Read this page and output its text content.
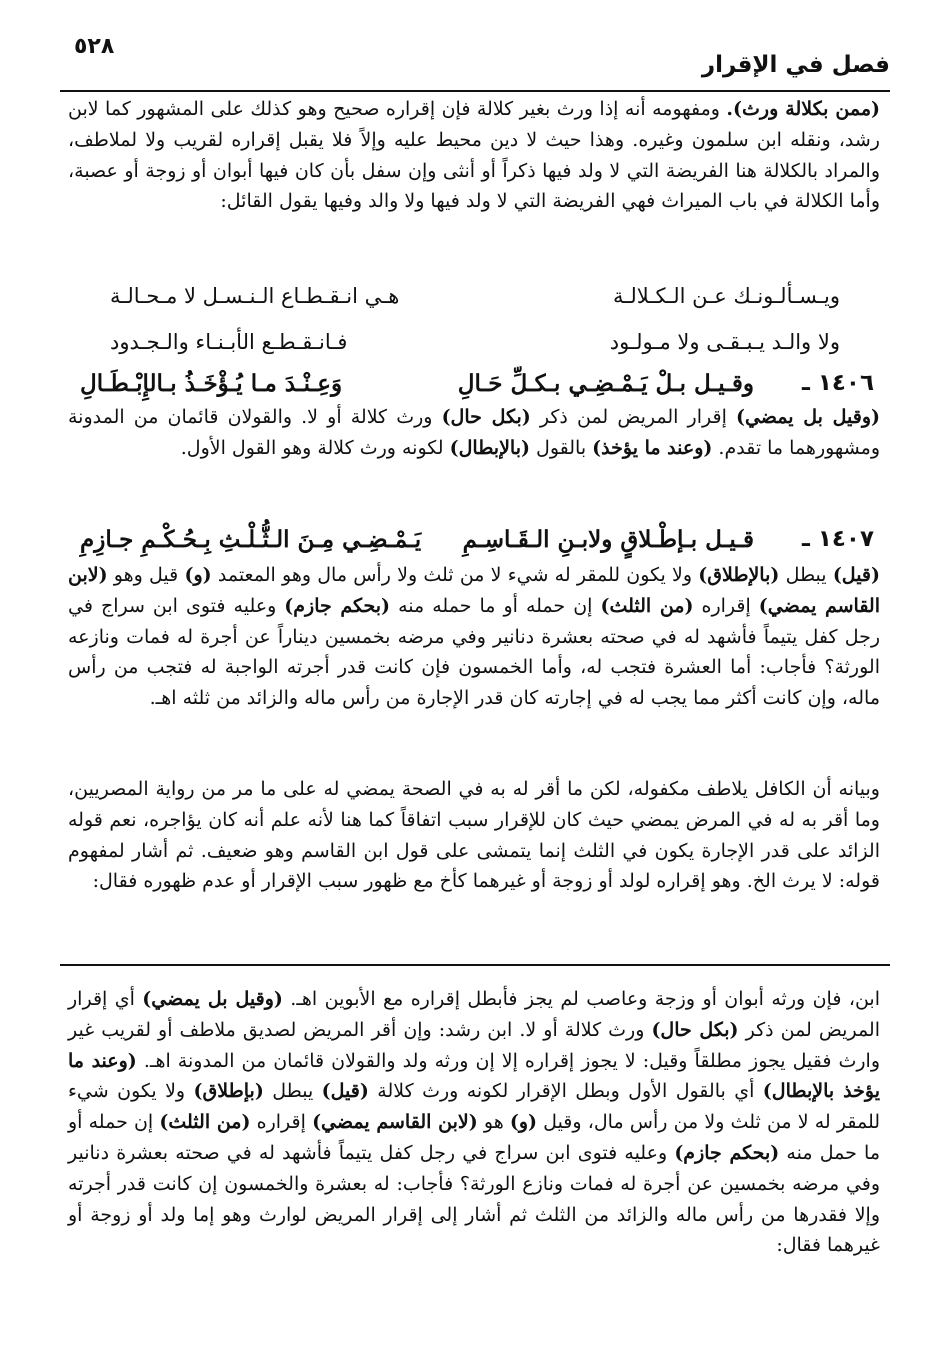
٥٢٨
فصل في الإقرار

(ممن بكلالة ورث). ومفهومه أنه إذا ورث بغير كلالة فإن إقراره صحيح وهو كذلك على المشهور كما لابن رشد، ونقله ابن سلمون وغيره. وهذا حيث لا دين محيط عليه وإلاً فلا يقبل إقراره لقريب ولا لملاطف، والمراد بالكلالة هنا الفريضة التي لا ولد فيها ذكراً أو أنثى وإن سفل بأن كان فيها أبوان أو زوجة أو عصبة، وأما الكلالة في باب الميراث فهي الفريضة التي لا ولد فيها ولا والد وفيها يقول القائل:

ويـسـألـونـك عـن الـكـلالـة
هـي انـقـطـاع الـنـسـل لا مـحـالـة
ولا والـد يـبـقـى ولا مـولـود
فـانـقـطـع الأبـنـاء والـجـدود
١٤٠٦ ـ
وقـيـل بـلْ يَـمْـضِـي بـكـلِّ حَـالِ
وَعِـنْـدَ مـا يُـؤْخَـذُ بـالإِبْـطَـالِ

(وقيل بل يمضي) إقرار المريض لمن ذكر (بكل حال) ورث كلالة أو لا. والقولان قائمان من المدونة ومشهورهما ما تقدم. (وعند ما يؤخذ) بالقول (بالإبطال) لكونه ورث كلالة وهو القول الأول.

١٤٠٧ ـ
قـيـل بـإطْـلاقٍ ولابـنِ الـقَـاسِـمِ
يَـمْـضِـي مِـنَ الـثُّـلْـثِ بِـحُـكْـمِ جـازِمِ

(قيل) يبطل (بالإطلاق) ولا يكون للمقر له شيء لا من ثلث ولا رأس مال وهو المعتمد (و) قيل وهو (لابن القاسم يمضي) إقراره (من الثلث) إن حمله أو ما حمله منه (بحكم جازم) وعليه فتوى ابن سراج في رجل كفل يتيماً فأشهد له في صحته بعشرة دنانير وفي مرضه بخمسين ديناراً عن أجرة له فمات ونازعه الورثة؟ فأجاب: أما العشرة فتجب له، وأما الخمسون فإن كانت قدر أجرته الواجبة له فتجب من رأس ماله، وإن كانت أكثر مما يجب له في إجارته كان قدر الإجارة من رأس ماله والزائد من ثلثه اهـ.

وبيانه أن الكافل يلاطف مكفوله، لكن ما أقر له به في الصحة يمضي له على ما مر من رواية المصريين، وما أقر به له في المرض يمضي حيث كان للإقرار سبب اتفاقاً كما هنا لأنه علم أنه كان يؤاجره، نعم قوله الزائد على قدر الإجارة يكون في الثلث إنما يتمشى على قول ابن القاسم وهو ضعيف. ثم أشار لمفهوم قوله: لا يرث الخ. وهو إقراره لولد أو زوجة أو غيرهما كأخ مع ظهور سبب الإقرار أو عدم ظهوره فقال:

ابن، فإن ورثه أبوان أو وزجة وعاصب لم يجز فأبطل إقراره مع الأبوين اهـ. (وقيل بل يمضي) أي إقرار المريض لمن ذكر (بكل حال) ورث كلالة أو لا. ابن رشد: وإن أقر المريض لصديق ملاطف أو لقريب غير وارث فقيل يجوز مطلقاً وقيل: لا يجوز إقراره إلا إن ورثه ولد والقولان قائمان من المدونة اهـ. (وعند ما يؤخذ بالإبطال) أي بالقول الأول وبطل الإقرار لكونه ورث كلالة (قيل) يبطل (بإطلاق) ولا يكون شيء للمقر له لا من ثلث ولا من رأس مال، وقيل (و) هو (لابن القاسم يمضي) إقراره (من الثلث) إن حمله أو ما حمل منه (بحكم جازم) وعليه فتوى ابن سراج في رجل كفل يتيماً فأشهد له في صحته بعشرة دنانير وفي مرضه بخمسين عن أجرة له فمات ونازع الورثة؟ فأجاب: له بعشرة والخمسون إن كانت قدر أجرته وإلا فقدرها من رأس ماله والزائد من الثلث ثم أشار إلى إقرار المريض لوارث وهو إما ولد أو زوجة أو غيرهما فقال:
